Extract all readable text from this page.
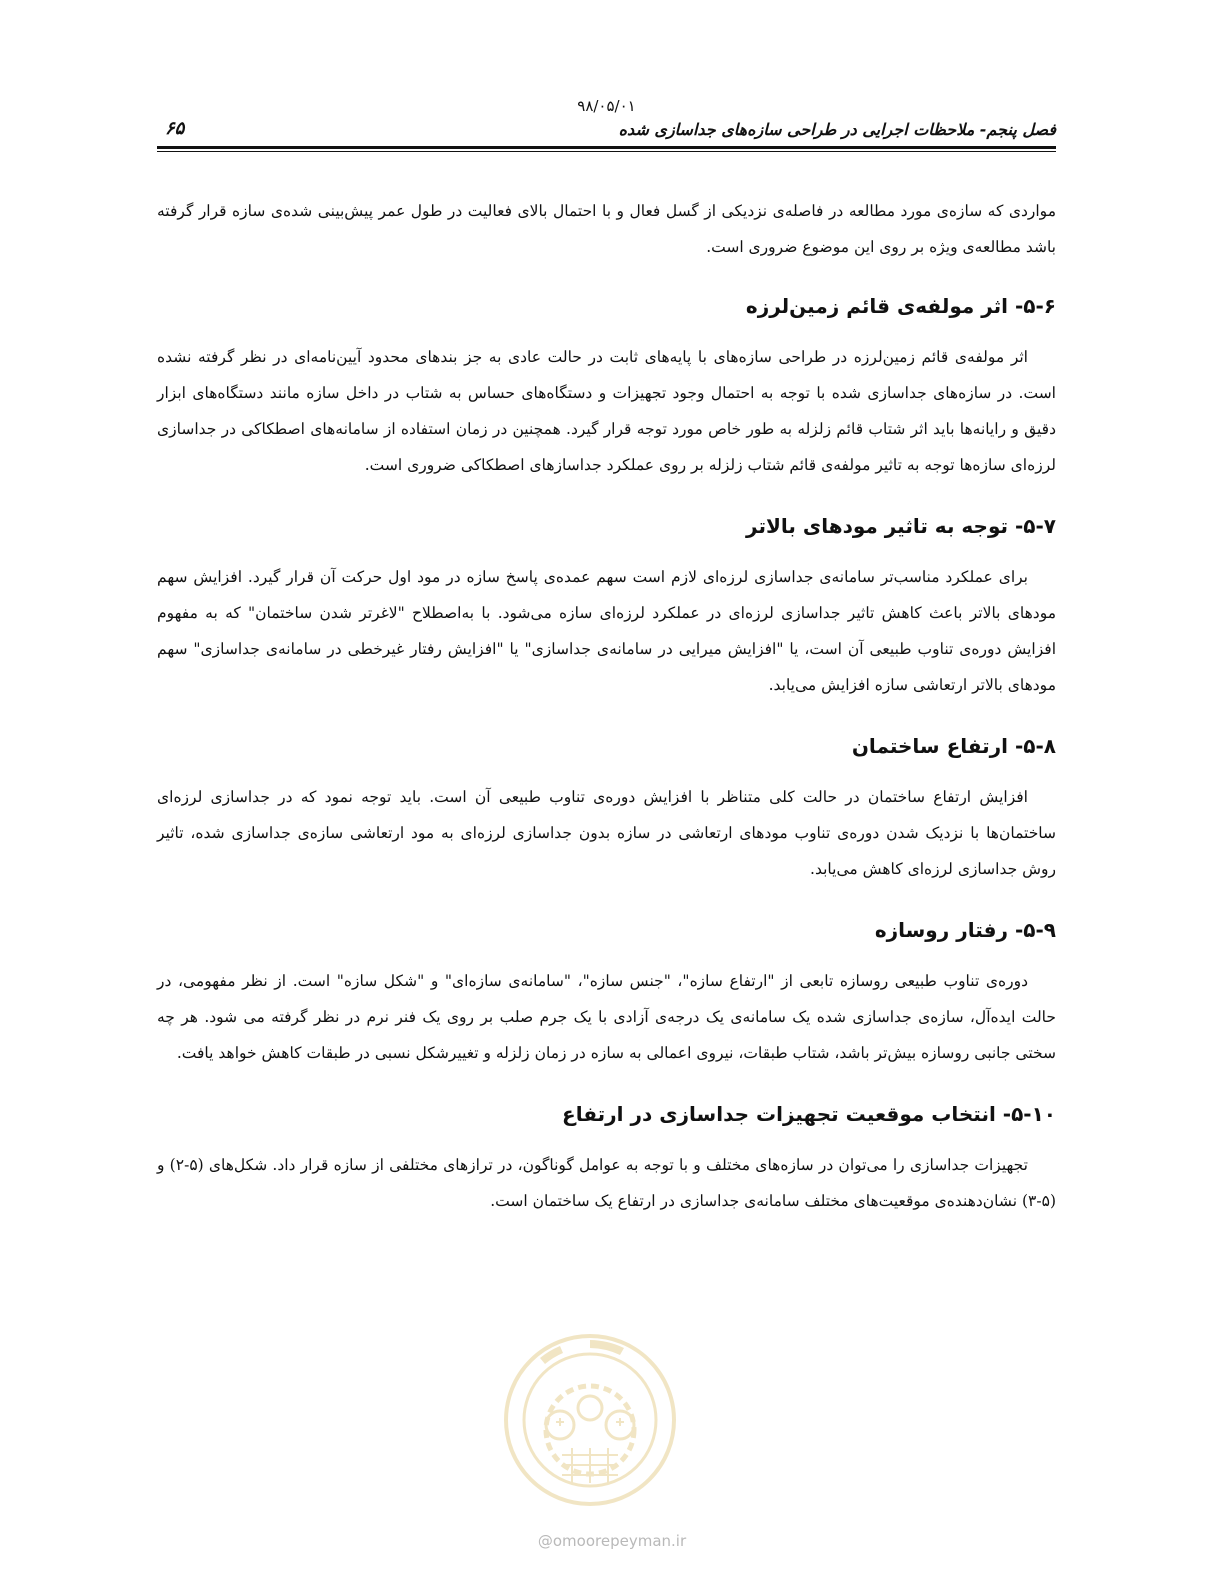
۹۸/۰۵/۰۱
فصل پنجم- ملاحظات اجرایی در طراحی سازه‌های جداسازی شده
۶۵

مواردی که سازه‌ی مورد مطالعه در فاصله‌ی نزدیکی از گسل فعال و با احتمال بالای فعالیت در طول عمر پیش‌بینی شده‌ی سازه قرار گرفته باشد مطالعه‌ی ویژه بر روی این موضوع ضروری است.

۵-۶- اثر مولفه‌ی قائم زمین‌لرزه

اثر مولفه‌ی قائم زمین‌لرزه در طراحی سازه‌های با پایه‌های ثابت در حالت عادی به جز بندهای محدود آیین‌نامه‌ای در نظر گرفته نشده است. در سازه‌های جداسازی شده با توجه به احتمال وجود تجهیزات و دستگاه‌های حساس به شتاب در داخل سازه مانند دستگاه‌های ابزار دقیق و رایانه‌ها باید اثر شتاب قائم زلزله به طور خاص مورد توجه قرار گیرد. همچنین در زمان استفاده از سامانه‌های اصطکاکی در جداسازی لرزه‌ای سازه‌ها توجه به تاثیر مولفه‌ی قائم شتاب زلزله بر روی عملکرد جداسازهای اصطکاکی ضروری است.

۵-۷- توجه به تاثیر مودهای بالاتر

برای عملکرد مناسب‌تر سامانه‌ی جداسازی لرزه‌ای لازم است سهم عمده‌ی پاسخ سازه در مود اول حرکت آن قرار گیرد. افزایش سهم مودهای بالاتر باعث کاهش تاثیر جداسازی لرزه‌ای در عملکرد لرزه‌ای سازه می‌شود. با به‌اصطلاح "لاغرتر شدن ساختمان" که به مفهوم افزایش دوره‌ی تناوب طبیعی آن است، یا "افزایش میرایی در سامانه‌ی جداسازی" یا "افزایش رفتار غیرخطی در سامانه‌ی جداسازی" سهم مودهای بالاتر ارتعاشی سازه افزایش می‌یابد.

۵-۸- ارتفاع ساختمان

افزایش ارتفاع ساختمان در حالت کلی متناظر با افزایش دوره‌ی تناوب طبیعی آن است. باید توجه نمود که در جداسازی لرزه‌ای ساختمان‌ها با نزدیک شدن دوره‌ی تناوب مودهای ارتعاشی در سازه بدون جداسازی لرزه‌ای به مود ارتعاشی سازه‌ی جداسازی شده، تاثیر روش جداسازی لرزه‌ای کاهش می‌یابد.

۵-۹- رفتار روسازه

دوره‌ی تناوب طبیعی روسازه تابعی از "ارتفاع سازه"، "جنس سازه"، "سامانه‌ی سازه‌ای" و "شکل سازه" است. از نظر مفهومی، در حالت ایده‌آل، سازه‌ی جداسازی شده یک سامانه‌ی یک درجه‌ی آزادی با یک جرم صلب بر روی یک فنر نرم در نظر گرفته می شود. هر چه سختی جانبی روسازه بیش‌تر باشد، شتاب طبقات، نیروی اعمالی به سازه در زمان زلزله و تغییرشکل نسبی در طبقات کاهش خواهد یافت.

۵-۱۰- انتخاب موقعیت تجهیزات جداسازی در ارتفاع

تجهیزات جداسازی را می‌توان در سازه‌های مختلف و با توجه به عوامل گوناگون، در ترازهای مختلفی از سازه قرار داد. شکل‌های (۵-۲) و (۵-۳) نشان‌دهنده‌ی موقعیت‌های مختلف سامانه‌ی جداسازی در ارتفاع یک ساختمان است.

@omoorepeyman.ir
